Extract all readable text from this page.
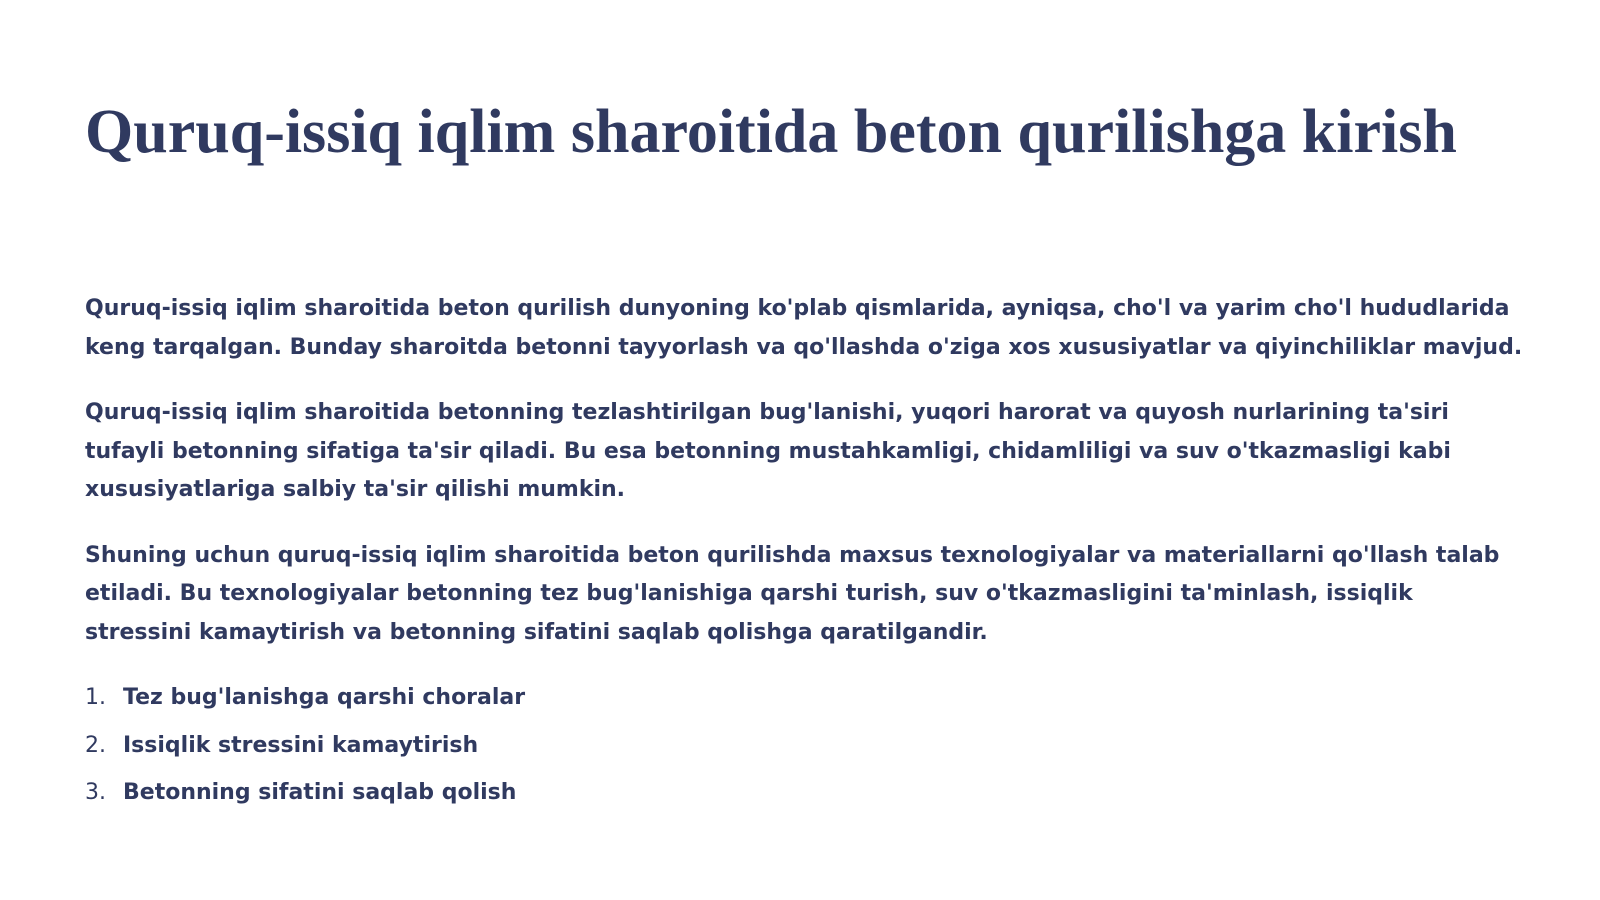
Quruq-issiq iqlim sharoitida beton qurilishga kirish

Quruq-issiq iqlim sharoitida beton qurilish dunyoning ko'plab qismlarida, ayniqsa, cho'l va yarim cho'l hududlarida keng tarqalgan. Bunday sharoitda betonni tayyorlash va qo'llashda o'ziga xos xususiyatlar va qiyinchiliklar mavjud.

Quruq-issiq iqlim sharoitida betonning tezlashtirilgan bug'lanishi, yuqori harorat va quyosh nurlarining ta'siri tufayli betonning sifatiga ta'sir qiladi. Bu esa betonning mustahkamligi, chidamliligi va suv o'tkazmasligi kabi xususiyatlariga salbiy ta'sir qilishi mumkin.

Shuning uchun quruq-issiq iqlim sharoitida beton qurilishda maxsus texnologiyalar va materiallarni qo'llash talab etiladi. Bu texnologiyalar betonning tez bug'lanishiga qarshi turish, suv o'tkazmasligini ta'minlash, issiqlik stressini kamaytirish va betonning sifatini saqlab qolishga qaratilgandir.

1. Tez bug'lanishga qarshi choralar
2. Issiqlik stressini kamaytirish
3. Betonning sifatini saqlab qolish
